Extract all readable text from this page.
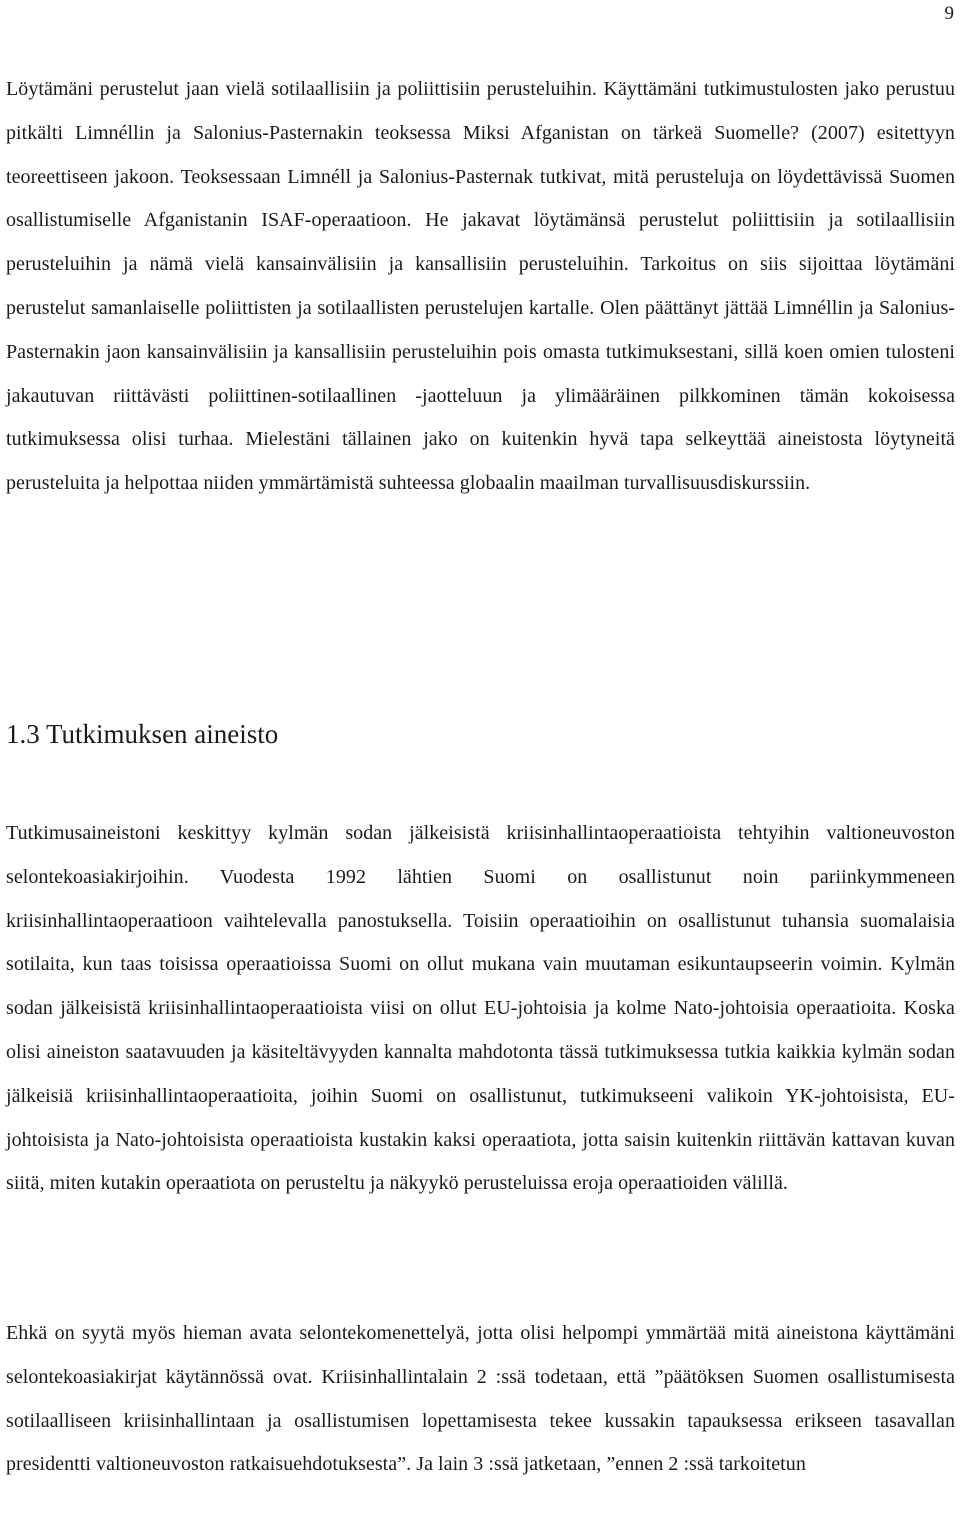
9

Löytämäni perustelut jaan vielä sotilaallisiin ja poliittisiin perusteluihin. Käyttämäni tutkimustulosten jako perustuu pitkälti Limnéllin ja Salonius-Pasternakin teoksessa Miksi Afganistan on tärkeä Suomelle? (2007) esitettyyn teoreettiseen jakoon. Teoksessaan Limnéll ja Salonius-Pasternak tutkivat, mitä perusteluja on löydettävissä Suomen osallistumiselle Afganistanin ISAF-operaatioon. He jakavat löytämänsä perustelut poliittisiin ja sotilaallisiin perusteluihin ja nämä vielä kansainvälisiin ja kansallisiin perusteluihin. Tarkoitus on siis sijoittaa löytämäni perustelut samanlaiselle poliittisten ja sotilaallisten perustelujen kartalle. Olen päättänyt jättää Limnéllin ja Salonius-Pasternakin jaon kansainvälisiin ja kansallisiin perusteluihin pois omasta tutkimuksestani, sillä koen omien tulosteni jakautuvan riittävästi poliittinen-sotilaallinen -jaotteluun ja ylimääräinen pilkkominen tämän kokoisessa tutkimuksessa olisi turhaa. Mielestäni tällainen jako on kuitenkin hyvä tapa selkeyttää aineistosta löytyneitä perusteluita ja helpottaa niiden ymmärtämistä suhteessa globaalin maailman turvallisuusdiskurssiin.

1.3 Tutkimuksen aineisto

Tutkimusaineistoni keskittyy kylmän sodan jälkeisistä kriisinhallintaoperaatioista tehtyihin valtioneuvoston selontekoasiakirjoihin. Vuodesta 1992 lähtien Suomi on osallistunut noin pariinkymmeneen kriisinhallintaoperaatioon vaihtelevalla panostuksella. Toisiin operaatioihin on osallistunut tuhansia suomalaisia sotilaita, kun taas toisissa operaatioissa Suomi on ollut mukana vain muutaman esikuntaupseerin voimin. Kylmän sodan jälkeisistä kriisinhallintaoperaatioista viisi on ollut EU-johtoisia ja kolme Nato-johtoisia operaatioita. Koska olisi aineiston saatavuuden ja käsiteltävyyden kannalta mahdotonta tässä tutkimuksessa tutkia kaikkia kylmän sodan jälkeisiä kriisinhallintaoperaatioita, joihin Suomi on osallistunut, tutkimukseeni valikoin YK-johtoisista, EU-johtoisista ja Nato-johtoisista operaatioista kustakin kaksi operaatiota, jotta saisin kuitenkin riittävän kattavan kuvan siitä, miten kutakin operaatiota on perusteltu ja näkyykö perusteluissa eroja operaatioiden välillä.

Ehkä on syytä myös hieman avata selontekomenettelyä, jotta olisi helpompi ymmärtää mitä aineistona käyttämäni selontekoasiakirjat käytännössä ovat. Kriisinhallintalain 2 :ssä todetaan, että ”päätöksen Suomen osallistumisesta sotilaalliseen kriisinhallintaan ja osallistumisen lopettamisesta tekee kussakin tapauksessa erikseen tasavallan presidentti valtioneuvoston ratkaisuehdotuksesta”. Ja lain 3 :ssä jatketaan, ”ennen 2 :ssä tarkoitetun
